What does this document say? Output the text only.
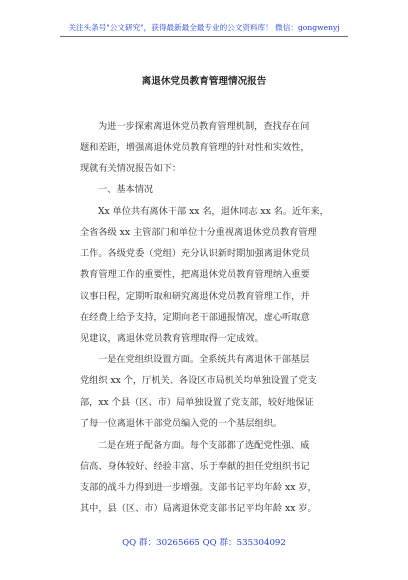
关注头条号"公文研究"，获得最新最全最专业的公文资料库！ 微信：gongwenyj
离退休党员教育管理情况报告
为进一步探索离退休党员教育管理机制，查找存在问
题和差距，增强离退休党员教育管理的针对性和实效性，
现就有关情况报告如下：
一、基本情况
Xx 单位共有离休干部 xx 名，退休同志 xx 名。近年来，
全省各级 xx 主管部门和单位十分重视离退休党员教育管理
工作。各级党委（党组）充分认识新时期加强离退休党员
教育管理工作的重要性，把离退休党员教育管理纳入重要
议事日程，定期听取和研究离退休党员教育管理工作，并
在经费上给予支持，定期向老干部通报情况，虚心听取意
见建议，离退休党员教育管理取得一定成效。
一是在党组织设置方面。全系统共有离退休干部基层
党组织 xx 个，厅机关、各设区市局机关均单独设置了党支
部，xx 个县（区、市）局单独设置了党支部，较好地保证
了每一位离退休干部党员编入党的一个基层组织。
二是在班子配备方面。每个支部都了选配党性强、威
信高、身体较好、经验丰富、乐于奉献的担任党组织书记
支部的战斗力得到进一步增强。支部书记平均年龄 xx 岁，
其中，县（区、市）局离退休党支部书记平均年龄 xx 岁。
QQ 群：30265665 QQ 群：535304092
